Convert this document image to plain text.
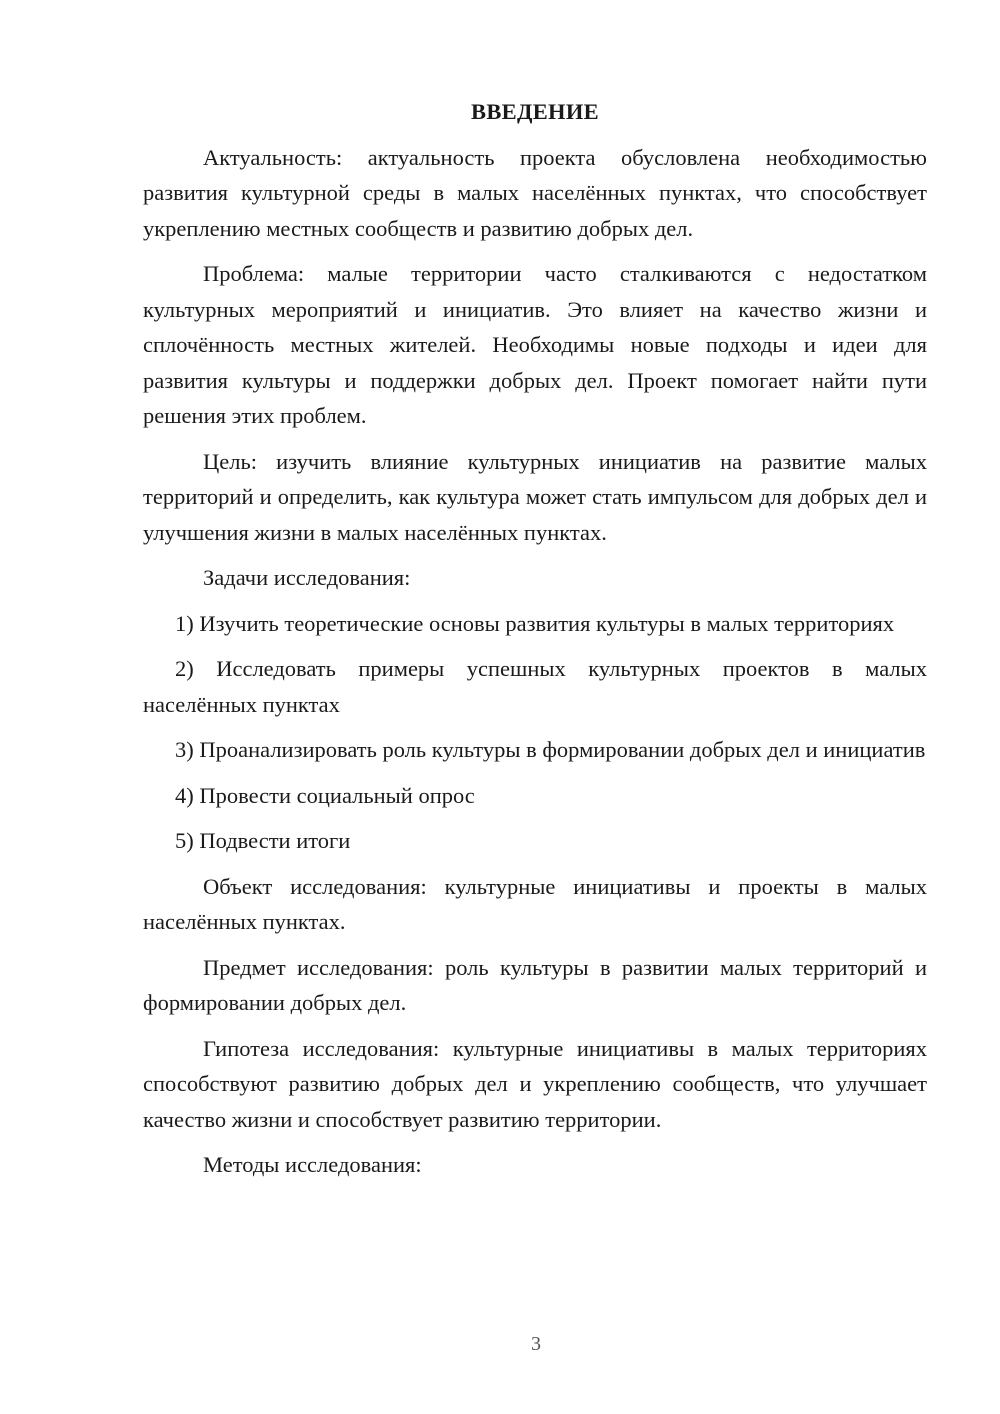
ВВЕДЕНИЕ
Актуальность: актуальность проекта обусловлена необходимостью развития культурной среды в малых населённых пунктах, что способствует укреплению местных сообществ и развитию добрых дел.
Проблема: малые территории часто сталкиваются с недостатком культурных мероприятий и инициатив. Это влияет на качество жизни и сплочённость местных жителей. Необходимы новые подходы и идеи для развития культуры и поддержки добрых дел. Проект помогает найти пути решения этих проблем.
Цель: изучить влияние культурных инициатив на развитие малых территорий и определить, как культура может стать импульсом для добрых дел и улучшения жизни в малых населённых пунктах.
Задачи исследования:
1) Изучить теоретические основы развития культуры в малых территориях
2) Исследовать примеры успешных культурных проектов в малых населённых пунктах
3) Проанализировать роль культуры в формировании добрых дел и инициатив
4) Провести социальный опрос
5) Подвести итоги
Объект исследования: культурные инициативы и проекты в малых населённых пунктах.
Предмет исследования: роль культуры в развитии малых территорий и формировании добрых дел.
Гипотеза исследования: культурные инициативы в малых территориях способствуют развитию добрых дел и укреплению сообществ, что улучшает качество жизни и способствует развитию территории.
Методы исследования:
3
